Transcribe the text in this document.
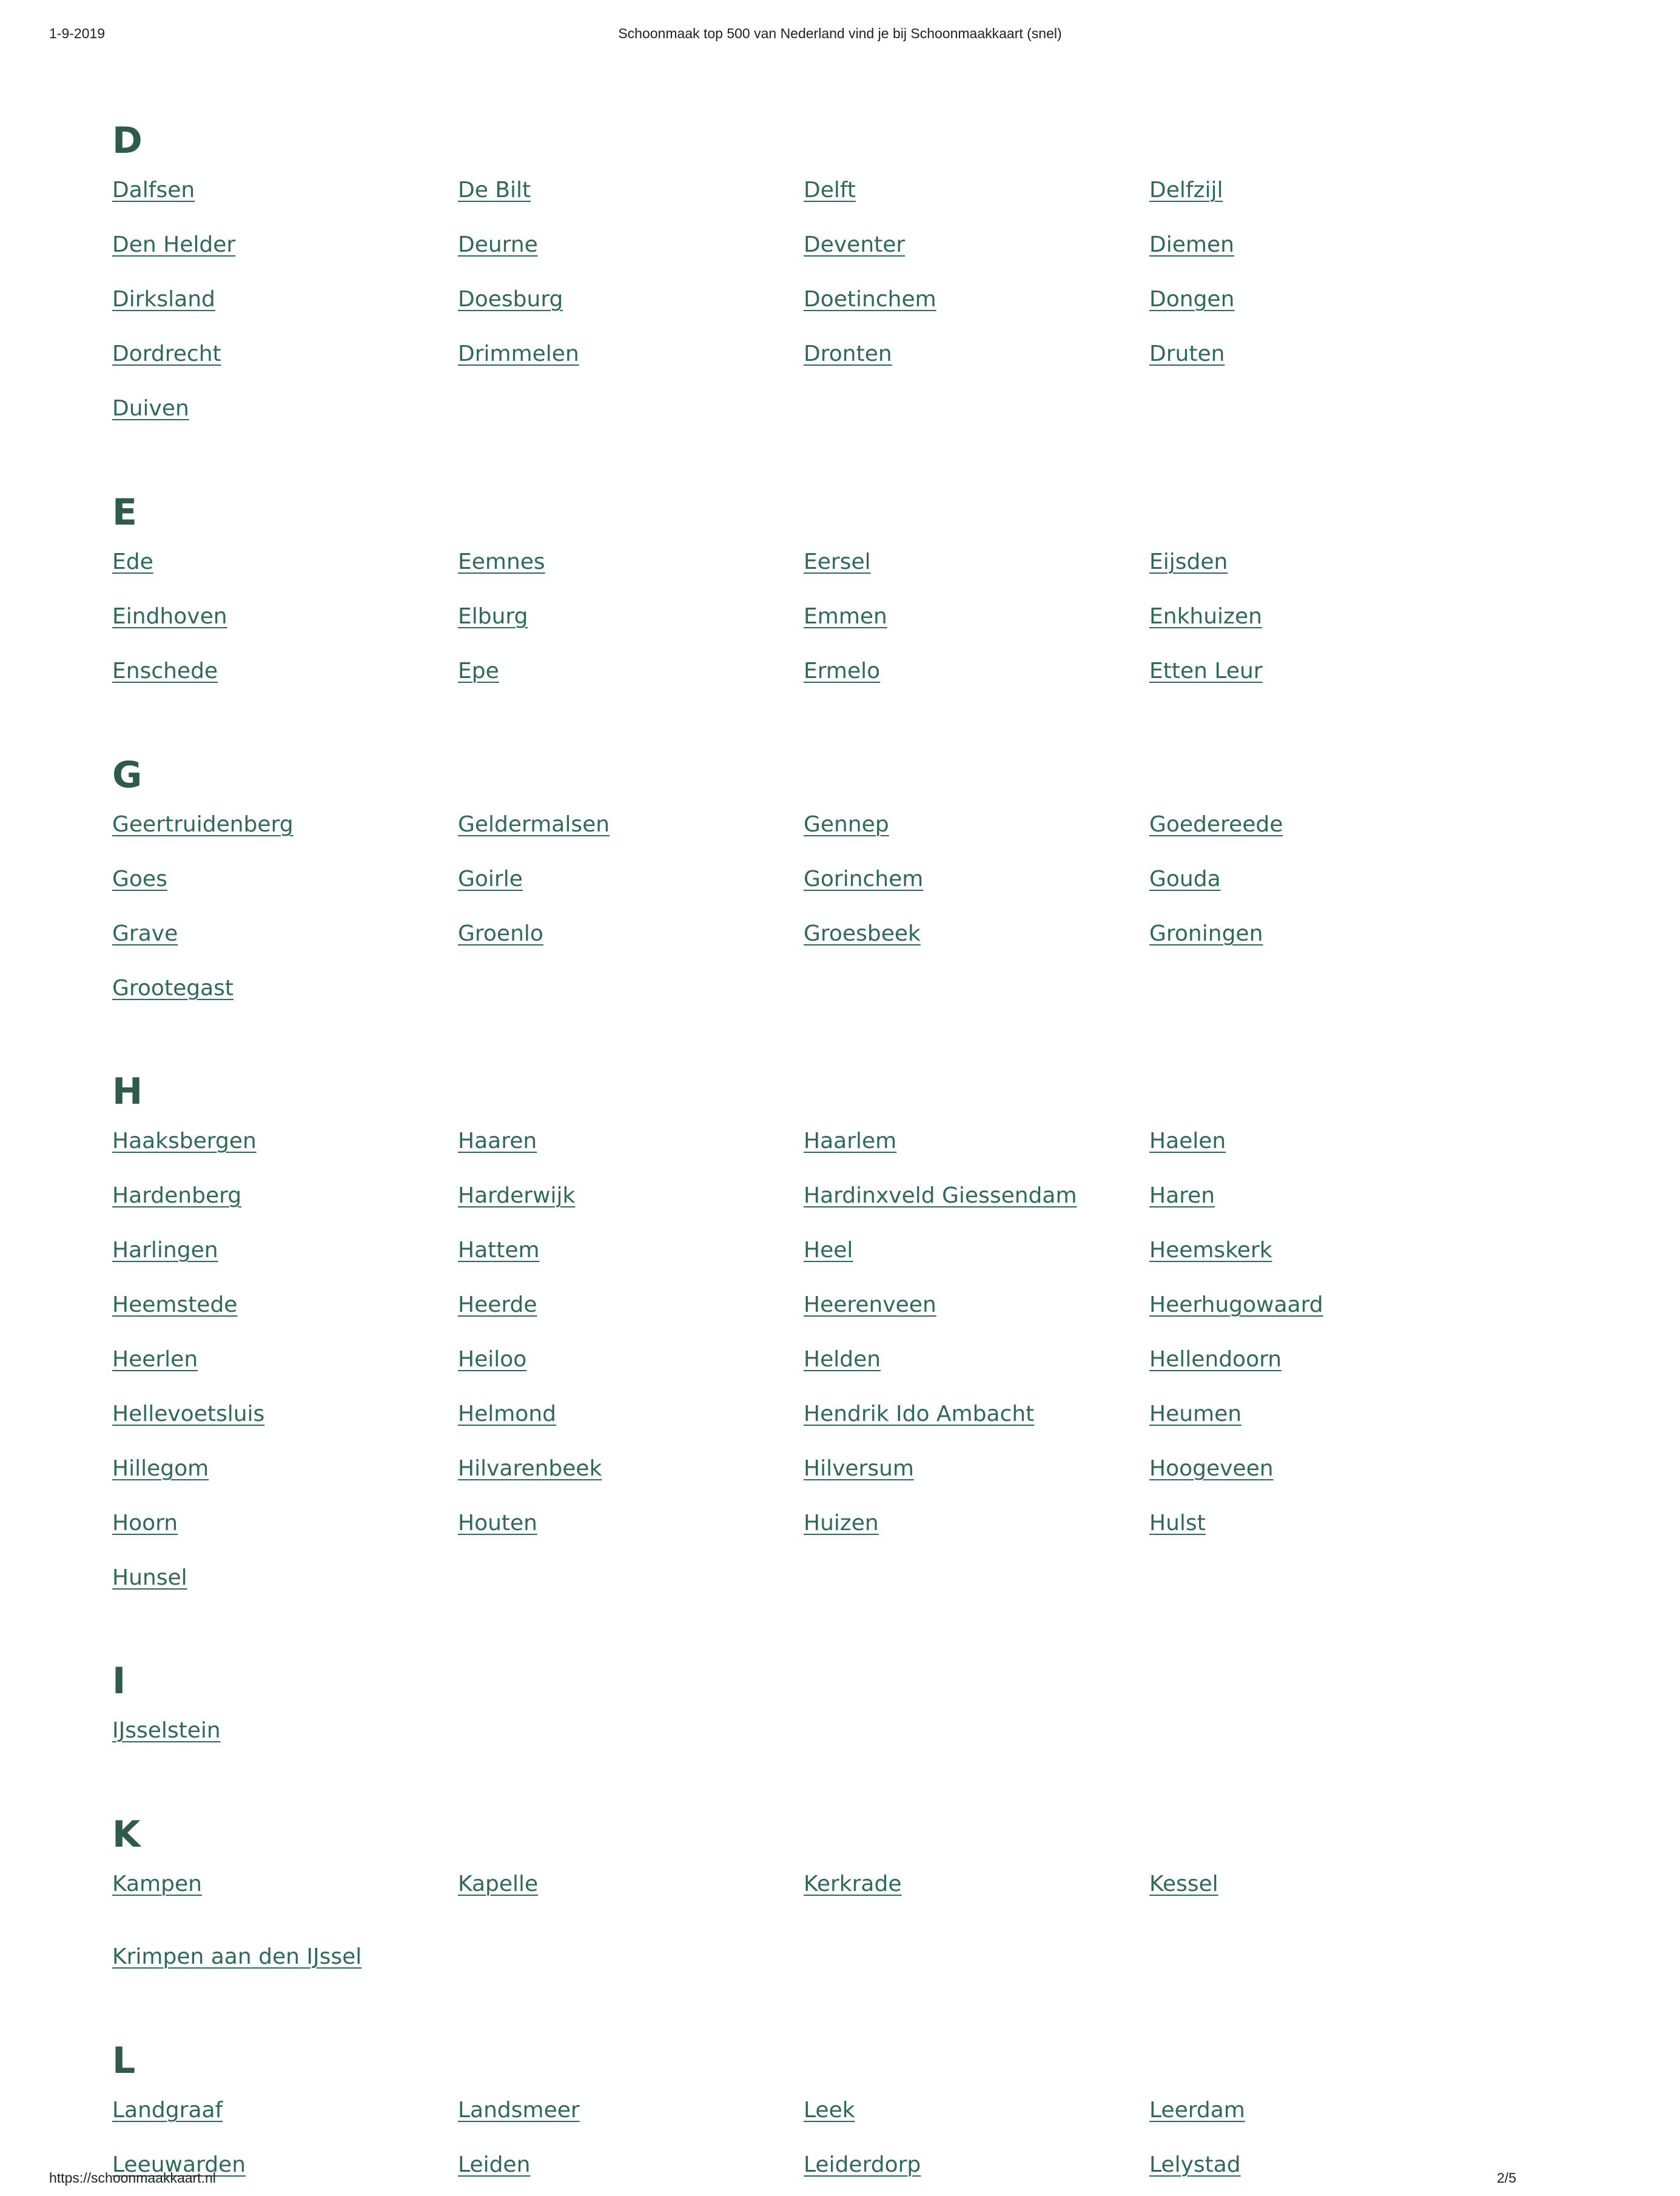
1-9-2019	Schoonmaak top 500 van Nederland vind je bij Schoonmaakkaart (snel)
D
Dalfsen	De Bilt	Delft	Delfzijl
Den Helder	Deurne	Deventer	Diemen
Dirksland	Doesburg	Doetinchem	Dongen
Dordrecht	Drimmelen	Dronten	Druten
Duiven
E
Ede	Eemnes	Eersel	Eijsden
Eindhoven	Elburg	Emmen	Enkhuizen
Enschede	Epe	Ermelo	Etten Leur
G
Geertruidenberg	Geldermalsen	Gennep	Goedereede
Goes	Goirle	Gorinchem	Gouda
Grave	Groenlo	Groesbeek	Groningen
Grootegast
H
Haaksbergen	Haaren	Haarlem	Haelen
Hardenberg	Harderwijk	Hardinxveld Giessendam	Haren
Harlingen	Hattem	Heel	Heemskerk
Heemstede	Heerde	Heerenveen	Heerhugowaard
Heerlen	Heiloo	Helden	Hellendoorn
Hellevoetsluis	Helmond	Hendrik Ido Ambacht	Heumen
Hillegom	Hilvarenbeek	Hilversum	Hoogeveen
Hoorn	Houten	Huizen	Hulst
Hunsel
I
IJsselstein
K
Kampen	Kapelle	Kerkrade	Kessel
Krimpen aan den IJssel
L
Landgraaf	Landsmeer	Leek	Leerdam
Leeuwarden	Leiden	Leiderdorp	Lelystad
https://schoonmaakkaart.nl	2/5
